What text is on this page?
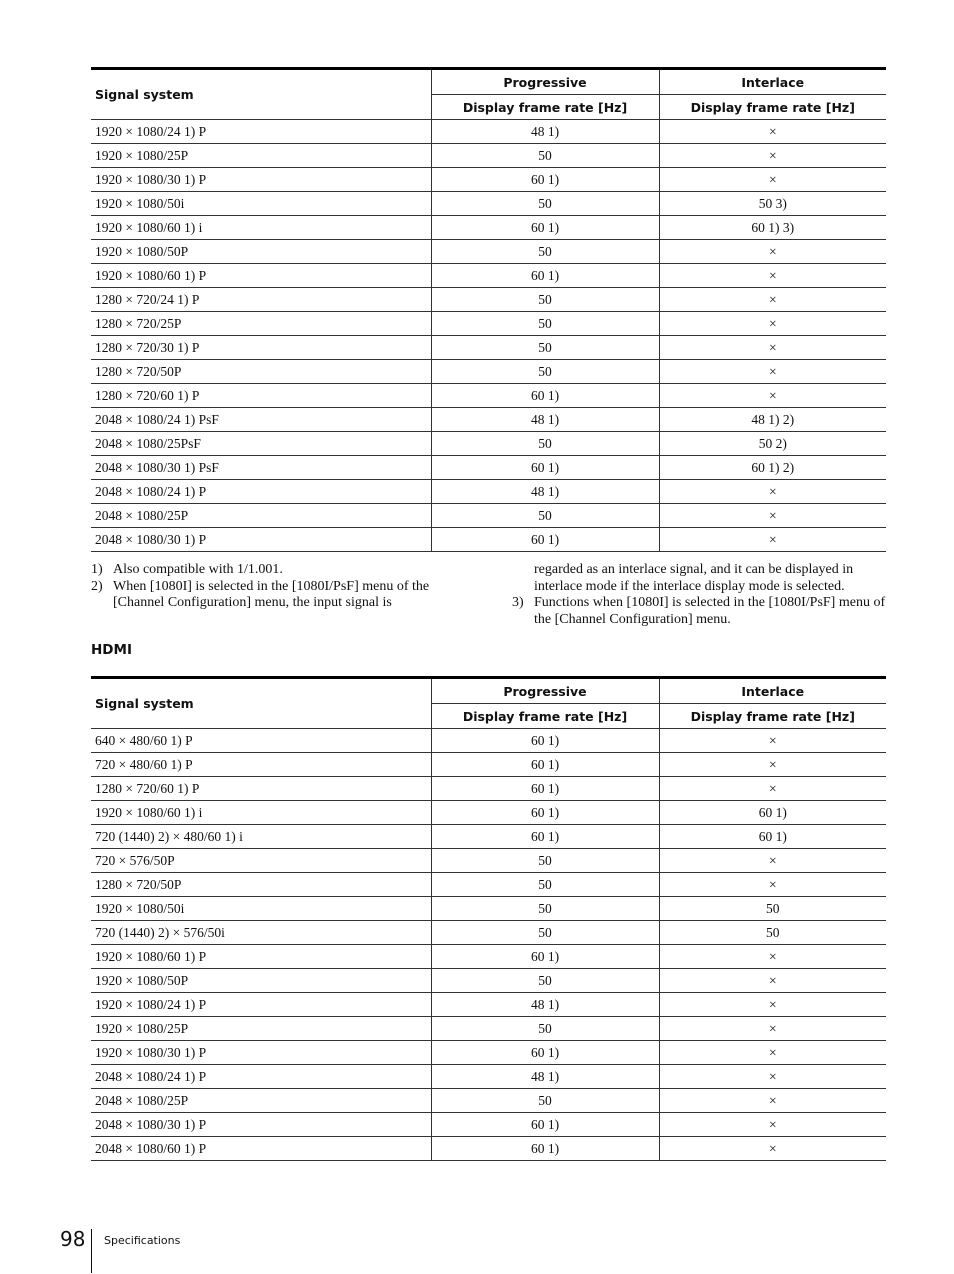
Signal system	Progressive	Interlace
	Display frame rate [Hz]	Display frame rate [Hz]
1920 × 1080/24 1) P	48 1)	×
1920 × 1080/25P	50	×
1920 × 1080/30 1) P	60 1)	×
1920 × 1080/50i	50	50 3)
1920 × 1080/60 1) i	60 1)	60 1) 3)
1920 × 1080/50P	50	×
1920 × 1080/60 1) P	60 1)	×
1280 × 720/24 1) P	50	×
1280 × 720/25P	50	×
1280 × 720/30 1) P	50	×
1280 × 720/50P	50	×
1280 × 720/60 1) P	60 1)	×
2048 × 1080/24 1) PsF	48 1)	48 1) 2)
2048 × 1080/25PsF	50	50 2)
2048 × 1080/30 1) PsF	60 1)	60 1) 2)
2048 × 1080/24 1) P	48 1)	×
2048 × 1080/25P	50	×
2048 × 1080/30 1) P	60 1)	×

1) Also compatible with 1/1.001.

2) When [1080I] is selected in the [1080I/PsF] menu of the [Channel Configuration] menu, the input signal is

regarded as an interlace signal, and it can be displayed in interlace mode if the interlace display mode is selected.

3) Functions when [1080I] is selected in the [1080I/PsF] menu of the [Channel Configuration] menu.

HDMI
Signal system	Progressive	Interlace
	Display frame rate [Hz]	Display frame rate [Hz]
640 × 480/60 1) P	60 1)	×
720 × 480/60 1) P	60 1)	×
1280 × 720/60 1) P	60 1)	×
1920 × 1080/60 1) i	60 1)	60 1)
720 (1440) 2) × 480/60 1) i	60 1)	60 1)
720 × 576/50P	50	×
1280 × 720/50P	50	×
1920 × 1080/50i	50	50
720 (1440) 2) × 576/50i	50	50
1920 × 1080/60 1) P	60 1)	×
1920 × 1080/50P	50	×
1920 × 1080/24 1) P	48 1)	×
1920 × 1080/25P	50	×
1920 × 1080/30 1) P	60 1)	×
2048 × 1080/24 1) P	48 1)	×
2048 × 1080/25P	50	×
2048 × 1080/30 1) P	60 1)	×
2048 × 1080/60 1) P	60 1)	×
98 Specifications
